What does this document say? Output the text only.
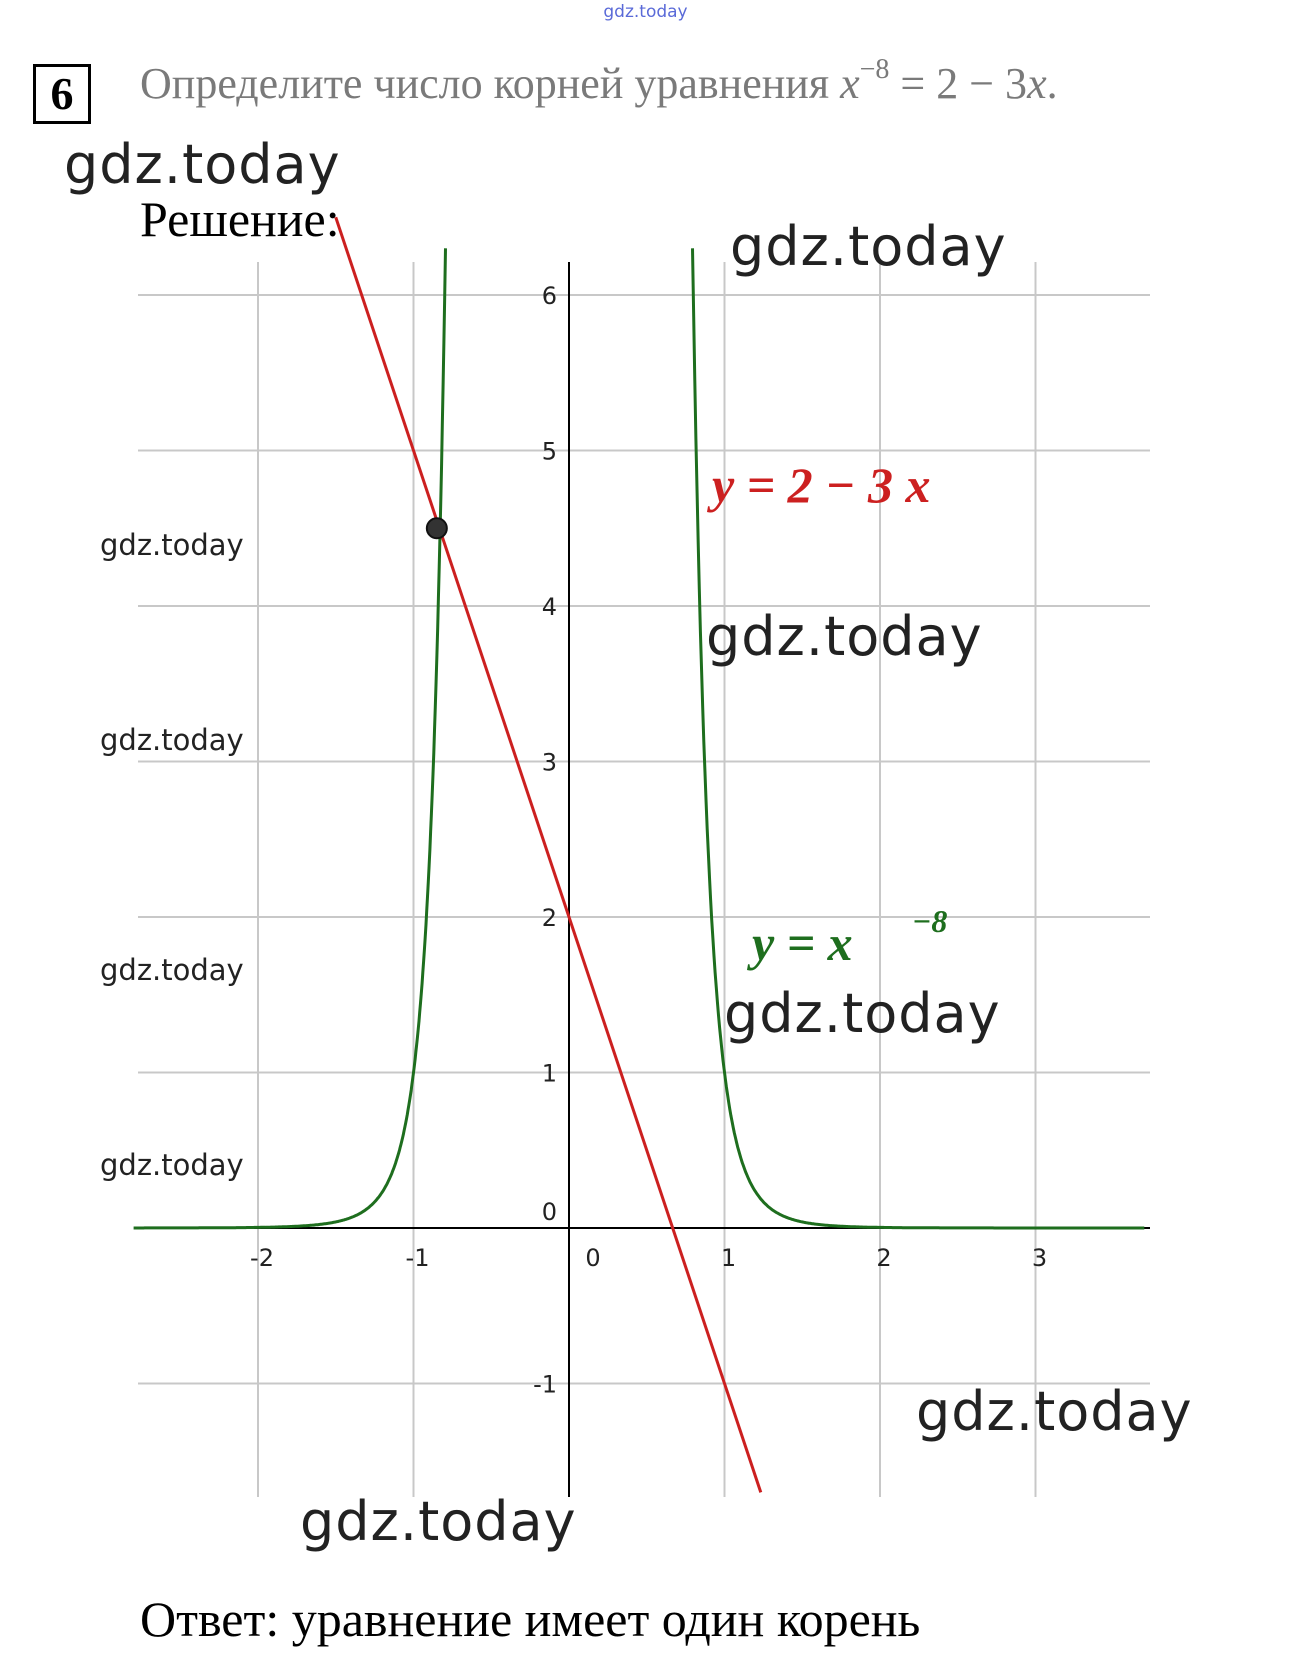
gdz.today
6	Определите число корней уравнения $x^{-8} = 2 - 3x$.
gdz.today
Решение:
-2	-1	0	1	2	3
-1
0
1
2
3
4
5
6
y = 2 − 3 x
y = x −8
gdz.today
gdz.today
gdz.today
gdz.today
gdz.today
gdz.today
gdz.today
gdz.today
gdz.today
Ответ: уравнение имеет один корень
